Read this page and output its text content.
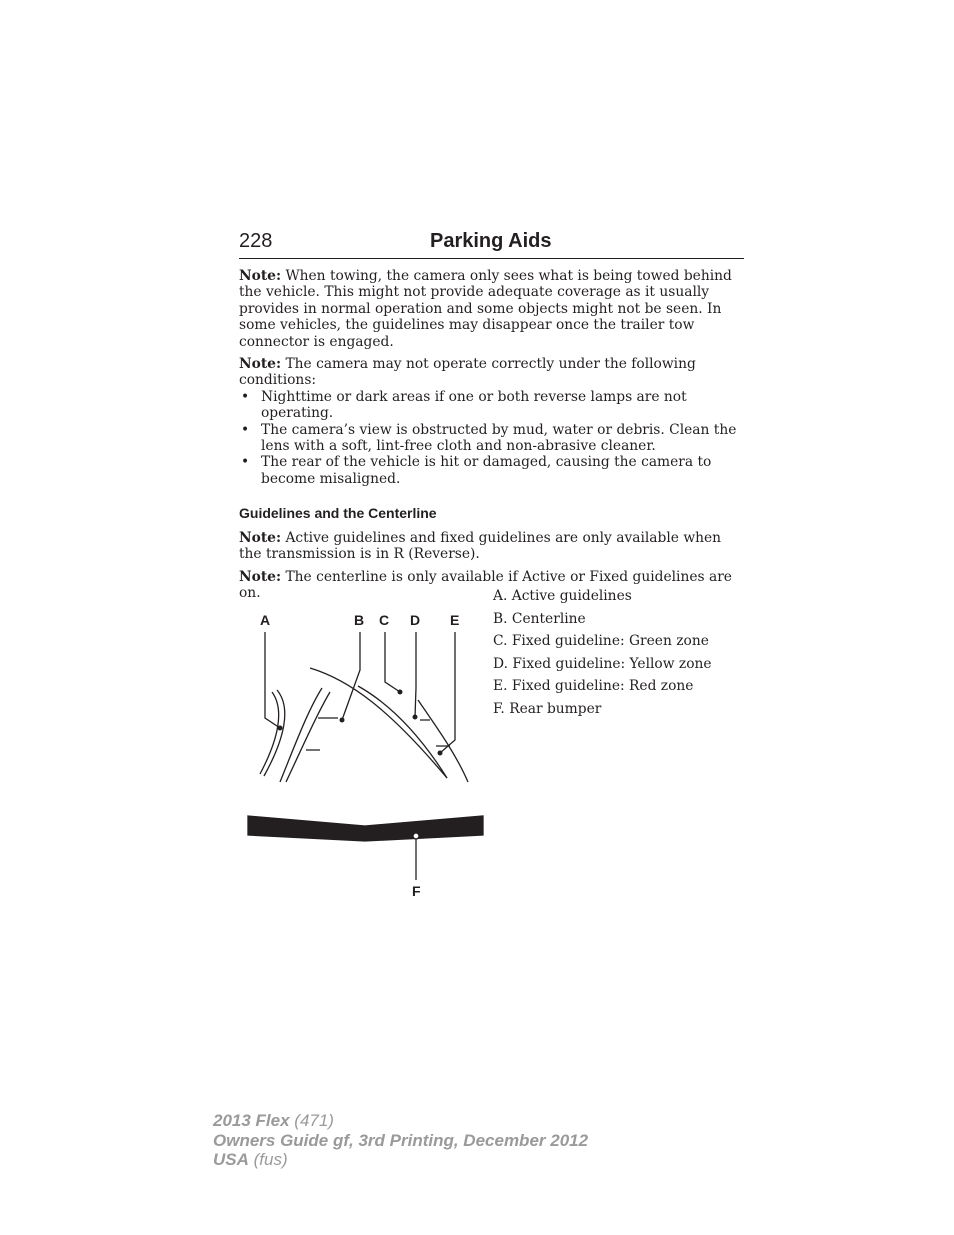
228	Parking Aids

Note: When towing, the camera only sees what is being towed behind the vehicle. This might not provide adequate coverage as it usually provides in normal operation and some objects might not be seen. In some vehicles, the guidelines may disappear once the trailer tow connector is engaged.

Note: The camera may not operate correctly under the following conditions:

• Nighttime or dark areas if one or both reverse lamps are not operating.
• The camera’s view is obstructed by mud, water or debris. Clean the lens with a soft, lint-free cloth and non-abrasive cleaner.
• The rear of the vehicle is hit or damaged, causing the camera to become misaligned.
Guidelines and the Centerline

Note: Active guidelines and fixed guidelines are only available when the transmission is in R (Reverse).

Note: The centerline is only available if Active or Fixed guidelines are on.

A	B C D E
F
A. Active guidelines
B. Centerline
C. Fixed guideline: Green zone
D. Fixed guideline: Yellow zone
E. Fixed guideline: Red zone
F. Rear bumper
2013 Flex (471)
Owners Guide gf, 3rd Printing, December 2012
USA (fus)
